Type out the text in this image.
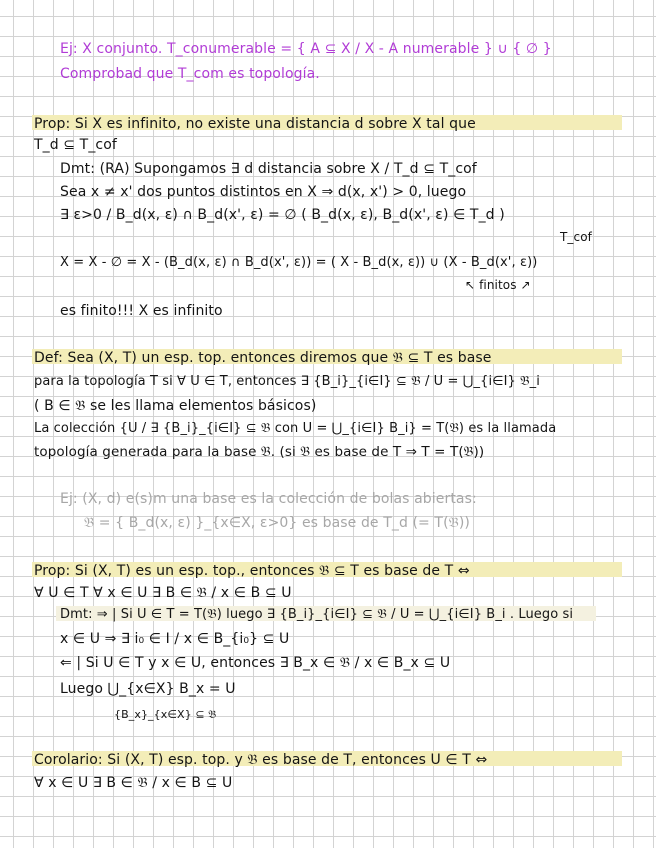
Ej: X conjunto. T_conumerable = { A ⊆ X / X - A numerable } ∪ { ∅ }
Comprobad que T_com es topología.
Prop: Si X es infinito, no existe una distancia d sobre X tal que
T_d ⊆ T_cof
Dmt: (RA) Supongamos ∃ d distancia sobre X / T_d ⊆ T_cof
Sea x ≠ x' dos puntos distintos en X ⇒ d(x, x') > 0, luego
∃ ε>0 / B_d(x, ε) ∩ B_d(x', ε) = ∅ ( B_d(x, ε), B_d(x', ε) ∈ T_d )
T_cof
X = X - ∅ = X - (B_d(x, ε) ∩ B_d(x', ε)) = ( X - B_d(x, ε)) ∪ (X - B_d(x', ε))
↖ finitos ↗
es finito!!! X es infinito
Def: Sea (X, T) un esp. top. entonces diremos que 𝔅 ⊆ T es base
para la topología T si ∀ U ∈ T, entonces ∃ {B_i}_{i∈I} ⊆ 𝔅 / U = ⋃_{i∈I} 𝔅_i
( B ∈ 𝔅 se les llama elementos básicos)
La colección {U / ∃ {B_i}_{i∈I} ⊆ 𝔅 con U = ⋃_{i∈I} B_i} = T(𝔅) es la llamada
topología generada para la base 𝔅. (si 𝔅 es base de T ⇒ T = T(𝔅))
Ej: (X, d) e(s)m una base es la colección de bolas abiertas:
𝔅 = { B_d(x, ε) }_{x∈X, ε>0} es base de T_d (= T(𝔅))
Prop: Si (X, T) es un esp. top., entonces 𝔅 ⊆ T es base de T ⇔
∀ U ∈ T ∀ x ∈ U ∃ B ∈ 𝔅 / x ∈ B ⊆ U
Dmt: ⇒ | Si U ∈ T = T(𝔅) luego ∃ {B_i}_{i∈I} ⊆ 𝔅 / U = ⋃_{i∈I} B_i . Luego si
x ∈ U ⇒ ∃ i₀ ∈ I / x ∈ B_{i₀} ⊆ U
⇐ | Si U ∈ T y x ∈ U, entonces ∃ B_x ∈ 𝔅 / x ∈ B_x ⊆ U
Luego ⋃_{x∈X} B_x = U
{B_x}_{x∈X} ⊆ 𝔅
Corolario: Si (X, T) esp. top. y 𝔅 es base de T, entonces U ∈ T ⇔
∀ x ∈ U ∃ B ∈ 𝔅 / x ∈ B ⊆ U
